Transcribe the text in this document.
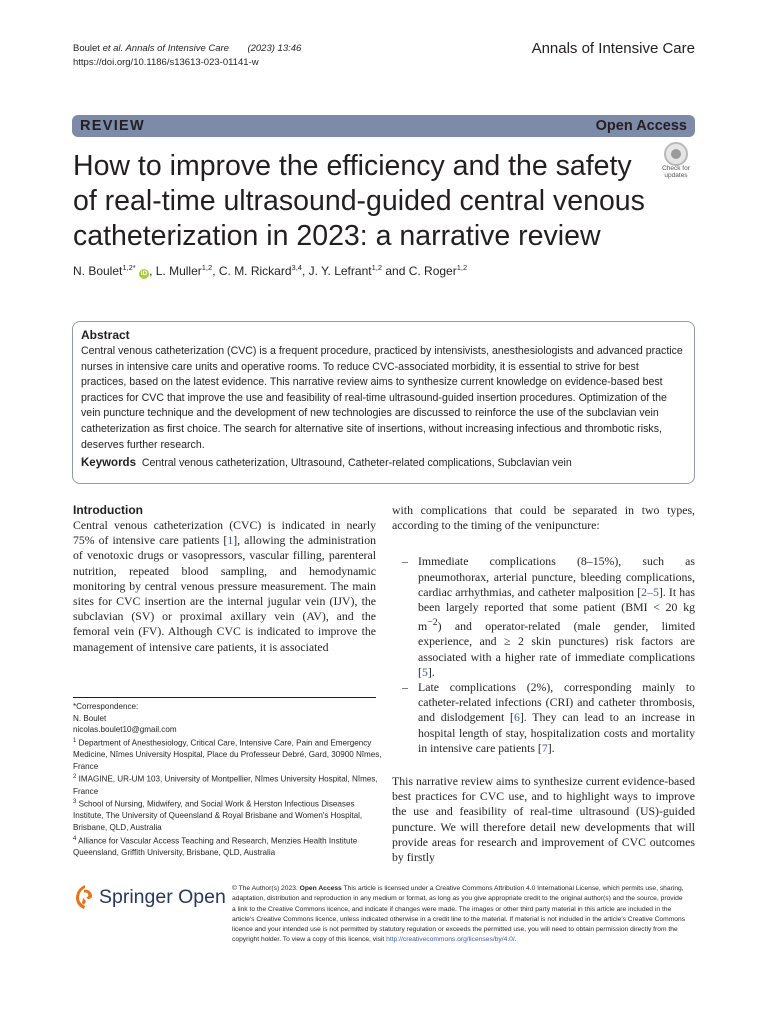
Boulet et al. Annals of Intensive Care (2023) 13:46
https://doi.org/10.1186/s13613-023-01141-w
Annals of Intensive Care
REVIEW	Open Access
How to improve the efficiency and the safety of real-time ultrasound-guided central venous catheterization in 2023: a narrative review
Check for updates
N. Boulet$^{1,2*}$ iD , L. Muller$^{1,2}$, C. M. Rickard$^{3,4}$, J. Y. Lefrant$^{1,2}$ and C. Roger$^{1,2}$
Abstract
Central venous catheterization (CVC) is a frequent procedure, practiced by intensivists, anesthesiologists and advanced practice nurses in intensive care units and operative rooms. To reduce CVC-associated morbidity, it is essential to strive for best practices, based on the latest evidence. This narrative review aims to synthesize current knowledge on evidence-based best practices for CVC that improve the use and feasibility of real-time ultrasound-guided insertion procedures. Optimization of the vein puncture technique and the development of new technologies are discussed to reinforce the use of the subclavian vein catheterization as first choice. The search for alternative site of insertions, without increasing infectious and thrombotic risks, deserves further research.
Keywords Central venous catheterization, Ultrasound, Catheter-related complications, Subclavian vein
Introduction

Central venous catheterization (CVC) is indicated in nearly 75% of intensive care patients [1], allowing the administration of venotoxic drugs or vasopressors, vascular filling, parenteral nutrition, repeated blood sampling, and hemodynamic monitoring by central venous pressure measurement. The main sites for CVC insertion are the internal jugular vein (IJV), the subclavian (SV) or proximal axillary vein (AV), and the femoral vein (FV). Although CVC is indicated to improve the management of intensive care patients, it is associated

with complications that could be separated in two types, according to the timing of the venipuncture:

– Immediate complications (8–15%), such as pneumothorax, arterial puncture, bleeding complications, cardiac arrhythmias, and catheter malposition [2–5]. It has been largely reported that some patient (BMI < 20 kg $m^{-2}$) and operator-related (male gender, limited experience, and ≥ 2 skin punctures) risk factors are associated with a higher rate of immediate complications [5].

– Late complications (2%), corresponding mainly to catheter-related infections (CRI) and catheter thrombosis, and dislodgement [6]. They can lead to an increase in hospital length of stay, hospitalization costs and mortality in intensive care patients [7].

This narrative review aims to synthesize current evidence-based best practices for CVC use, and to highlight ways to improve the use and feasibility of real-time ultrasound (US)-guided puncture. We will therefore detail new developments that will provide areas for research and improvement of CVC outcomes by firstly

*Correspondence:
N. Boulet
nicolas.boulet10@gmail.com
$^1$ Department of Anesthesiology, Critical Care, Intensive Care, Pain and Emergency Medicine, Nîmes University Hospital, Place du Professeur Debré, Gard, 30900 Nîmes, France
$^2$ IMAGINE, UR-UM 103, University of Montpellier, Nîmes University Hospital, Nîmes, France
$^3$ School of Nursing, Midwifery, and Social Work & Herston Infectious Diseases Institute, The University of Queensland & Royal Brisbane and Women's Hospital, Brisbane, QLD, Australia
$^4$ Alliance for Vascular Access Teaching and Research, Menzies Health Institute Queensland, Griffith University, Brisbane, QLD, Australia
Springer Open © The Author(s) 2023. Open Access This article is licensed under a Creative Commons Attribution 4.0 International License, which permits use, sharing, adaptation, distribution and reproduction in any medium or format, as long as you give appropriate credit to the original author(s) and the source, provide a link to the Creative Commons licence, and indicate if changes were made. The images or other third party material in this article are included in the article's Creative Commons licence, unless indicated otherwise in a credit line to the material. If material is not included in the article's Creative Commons licence and your intended use is not permitted by statutory regulation or exceeds the permitted use, you will need to obtain permission directly from the copyright holder. To view a copy of this licence, visit http://creativecommons.org/licenses/by/4.0/.
